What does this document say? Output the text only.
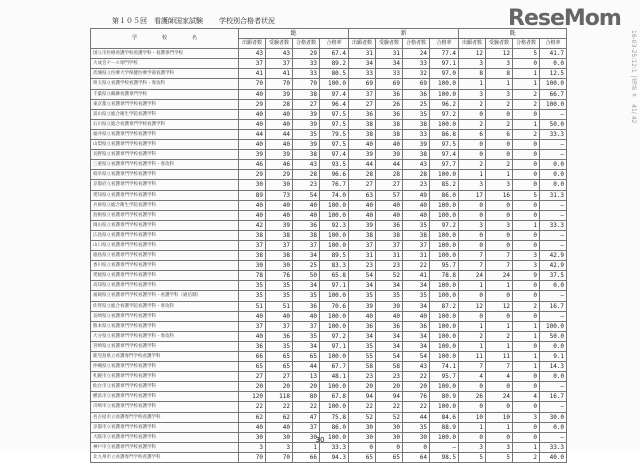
第１０５回　看護師国家試験 学校別合格者状況	ReseMom
学　　　　　校　　　　　名	総				新				既			
	出願者数	受験者数	合格者数	合格率	出願者数	受験者数	合格者数	合格率	出願者数	受験者数	合格者数	合格率
国立市医療看護学校看護学科・看護専門学校	43	43	29	67.4	31	31	24	77.4	12	12	5	41.7
大成会ナース専門学校	37	37	33	89.2	34	34	33	97.1	3	3	0	0.0
茨城県立医療大学保健医療学部看護学科	41	41	33	80.5	33	33	32	97.0	8	8	1	12.5
埼玉県立看護学校看護学科・専攻科	70	70	70	100.0	69	69	69	100.0	1	1	1	100.0
千葉県立鶴舞看護専門学校	40	39	38	97.4	37	36	36	100.0	3	3	2	66.7
東京都立看護専門学校看護学科	29	28	27	96.4	27	26	25	96.2	2	2	2	100.0
富山県立総合衛生学院看護学科	40	40	39	97.5	36	36	35	97.2	0	0	0	—
石川県立総合看護専門学校看護学科	40	40	39	97.5	38	38	38	100.0	2	2	1	50.0
福井県立看護専門学校看護学科	44	44	35	79.5	38	38	33	86.8	6	6	2	33.3
山梨県立看護専門学校看護学科	40	40	39	97.5	40	40	39	97.5	0	0	0	—
長野県立看護専門学校看護学科	39	39	38	97.4	39	39	38	97.4	0	0	0	—
三重県立看護専門学校看護学科・専攻科	46	46	43	93.5	44	44	43	97.7	2	2	0	0.0
岐阜県立看護専門学校看護学科	29	29	28	96.6	28	28	28	100.0	1	1	0	0.0
京都府立看護専門学校看護学科	30	30	23	76.7	27	27	23	85.2	3	3	0	0.0
愛知県立看護専門学校看護学科	89	73	54	74.0	63	57	49	86.0	17	16	5	31.3
兵庫県立総合衛生学院看護学科	40	40	40	100.0	40	40	40	100.0	0	0	0	—
島根県立看護専門学校看護学科	40	40	40	100.0	40	40	40	100.0	0	0	0	—
岡山県立看護専門学校看護学科	42	39	36	92.3	39	36	35	97.2	3	3	1	33.3
広島県立看護専門学校看護学科	38	38	38	100.0	38	38	38	100.0	0	0	0	—
山口県立看護専門学校看護学科	37	37	37	100.0	37	37	37	100.0	0	0	0	—
徳島県立看護専門学校看護学科	38	38	34	89.5	31	31	31	100.0	7	7	3	42.9
香川県立看護専門学校看護学科	30	30	25	83.3	23	23	22	95.7	7	7	3	42.9
愛媛県立看護専門学校看護学科	78	76	50	65.8	54	52	41	78.8	24	24	9	37.5
高知県立看護専門学校看護学科	35	35	34	97.1	34	34	34	100.0	1	1	0	0.0
福岡県立看護専門学校看護学科・看護学科（通信制）	35	35	35	100.0	35	35	35	100.0	0	0	0	—
佐賀県立総合看護学院看護学科・専攻科	51	51	36	70.6	39	39	34	87.2	12	12	2	16.7
長崎県立看護専門学校看護学科	40	40	40	100.0	40	40	40	100.0	0	0	0	—
熊本県立看護専門学校看護学科	37	37	37	100.0	36	36	36	100.0	1	1	1	100.0
大分県立看護専門学校看護学科・専攻科	40	36	35	97.2	34	34	34	100.0	2	2	1	50.0
宮崎県立看護専門学校看護学科	36	35	34	97.1	35	34	34	100.0	1	1	0	0.0
鹿児島県立看護専門学校看護学科	66	65	65	100.0	55	54	54	100.0	11	11	1	9.1
沖縄県立看護専門学校看護学科	65	65	44	67.7	58	58	43	74.1	7	7	1	14.3
札幌市立看護専門学校看護学科	27	27	13	48.1	23	23	22	95.7	4	4	0	0.0
仙台市立看護専門学校看護学科	20	20	20	100.0	20	20	20	100.0	0	0	0	—
横浜市立看護専門学校看護学科	120	118	80	67.8	94	94	76	80.9	26	24	4	16.7
川崎市立看護専門学校看護学科	22	22	22	100.0	22	22	22	100.0	0	0	0	—
名古屋市立看護専門学校看護学科	62	62	47	75.8	52	52	44	84.6	10	10	3	30.0
京都市立看護専門学校看護学科	40	40	37	86.0	30	30	35	88.9	1	1	0	0.0
大阪市立看護専門学校看護学科	30	30	30	100.0	30	30	30	100.0	0	0	0	—
神戸市立看護専門学校看護学科	3	3	1	33.3	0	0	0	—	3	3	1	33.3
北九州市立看護専門学校看護学科	70	70	66	94.3	65	65	64	98.5	5	5	2	40.0
30
16-03-25;12:1 │電話 ＃　41/ 42
